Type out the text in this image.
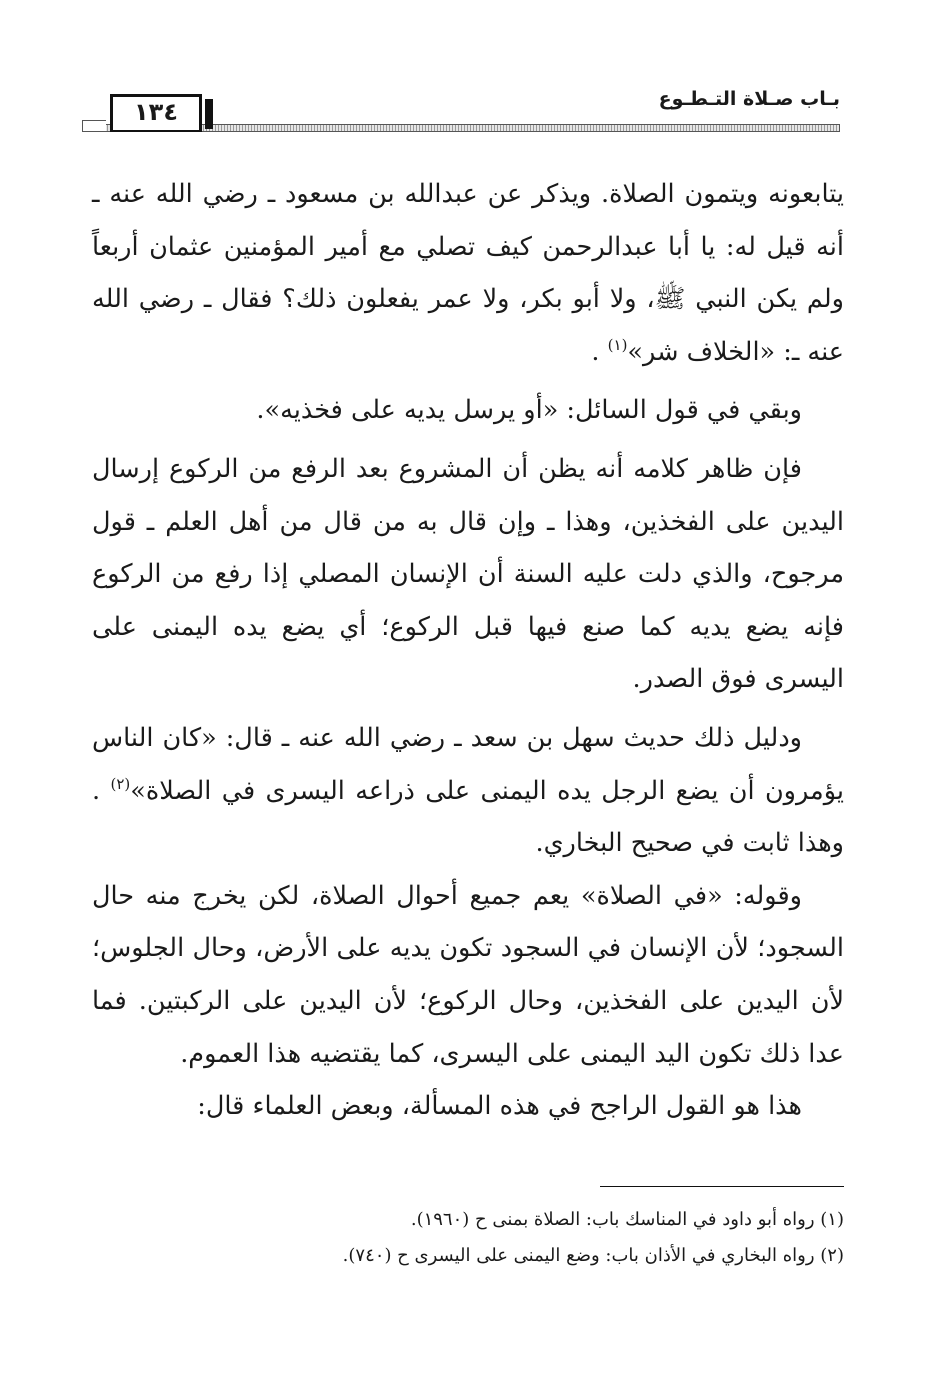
١٣٤	بـاب صـلاة التـطـوع

يتابعونه ويتمون الصلاة. ويذكر عن عبدالله بن مسعود ـ رضي الله عنه ـ أنه قيل له: يا أبا عبدالرحمن كيف تصلي مع أمير المؤمنين عثمان أربعاً ولم يكن النبي ﷺ، ولا أبو بكر، ولا عمر يفعلون ذلك؟ فقال ـ رضي الله عنه ـ: «الخلاف شر»$^{(١)}$ .

وبقي في قول السائل: «أو يرسل يديه على فخذيه».

فإن ظاهر كلامه أنه يظن أن المشروع بعد الرفع من الركوع إرسال اليدين على الفخذين، وهذا ـ وإن قال به من قال من أهل العلم ـ قول مرجوح، والذي دلت عليه السنة أن الإنسان المصلي إذا رفع من الركوع فإنه يضع يديه كما صنع فيها قبل الركوع؛ أي يضع يده اليمنى على اليسرى فوق الصدر.

ودليل ذلك حديث سهل بن سعد ـ رضي الله عنه ـ قال: «كان الناس يؤمرون أن يضع الرجل يده اليمنى على ذراعه اليسرى في الصلاة»$^{(٢)}$ . وهذا ثابت في صحيح البخاري.

وقوله: «في الصلاة» يعم جميع أحوال الصلاة، لكن يخرج منه حال السجود؛ لأن الإنسان في السجود تكون يديه على الأرض، وحال الجلوس؛ لأن اليدين على الفخذين، وحال الركوع؛ لأن اليدين على الركبتين. فما عدا ذلك تكون اليد اليمنى على اليسرى، كما يقتضيه هذا العموم.

هذا هو القول الراجح في هذه المسألة، وبعض العلماء قال:

(١) رواه أبو داود في المناسك باب: الصلاة بمنى ح (١٩٦٠).

(٢) رواه البخاري في الأذان باب: وضع اليمنى على اليسرى ح (٧٤٠).
